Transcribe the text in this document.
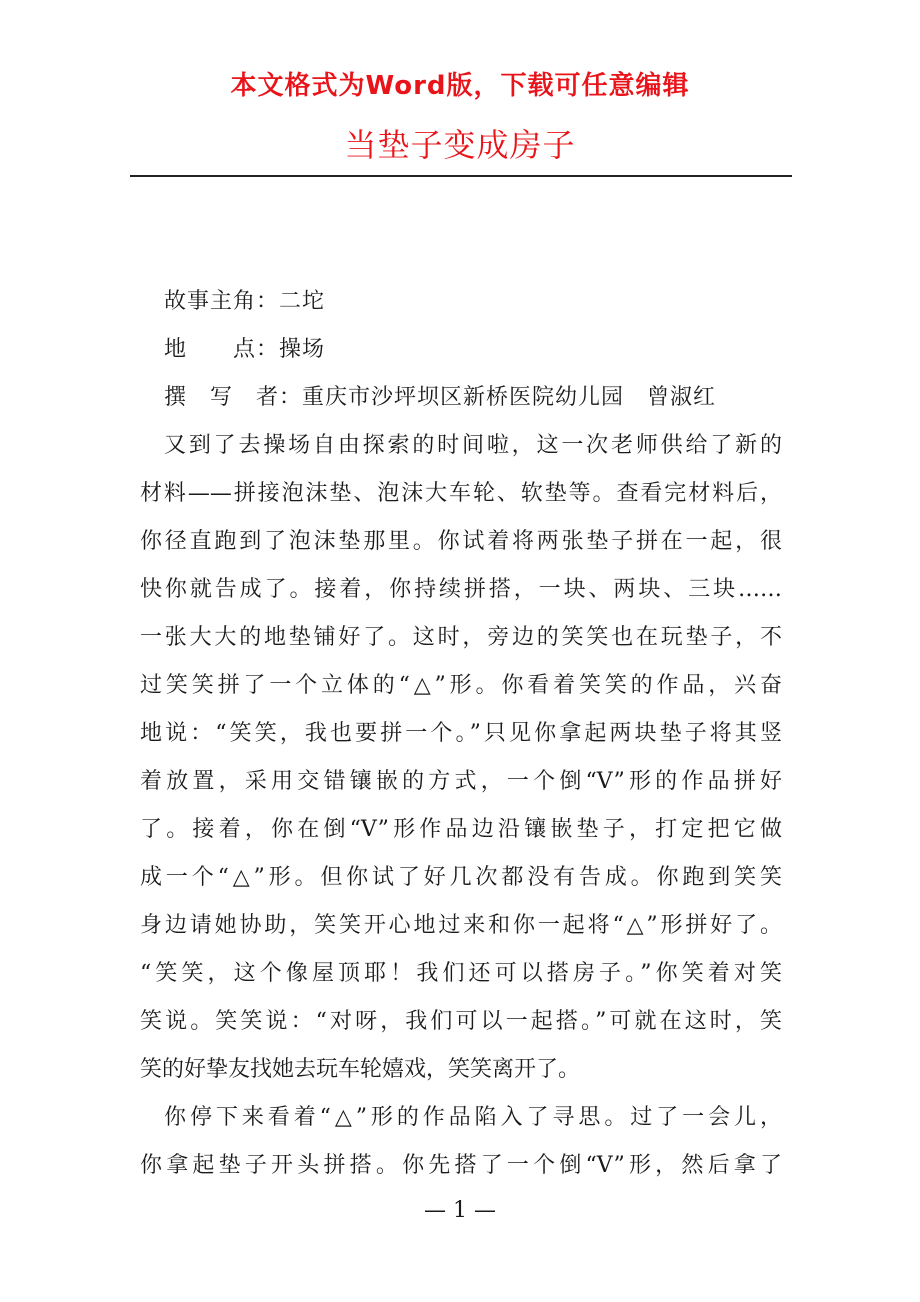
本文格式为Word版，下载可任意编辑
当垫子变成房子
故事主角：二坨
地　　点：操场
撰　写　者：重庆市沙坪坝区新桥医院幼儿园　曾淑红
又到了去操场自由探索的时间啦，这一次老师供给了新的
材料——拼接泡沫垫、泡沫大车轮、软垫等。查看完材料后，
你径直跑到了泡沫垫那里。你试着将两张垫子拼在一起，很
快你就告成了。接着，你持续拼搭，一块、两块、三块……
一张大大的地垫铺好了。这时，旁边的笑笑也在玩垫子，不
过笑笑拼了一个立体的“△”形。你看着笑笑的作品，兴奋
地说：“笑笑，我也要拼一个。”只见你拿起两块垫子将其竖
着放置，采用交错镶嵌的方式，一个倒“V”形的作品拼好
了。接着，你在倒“V”形作品边沿镶嵌垫子，打定把它做
成一个“△”形。但你试了好几次都没有告成。你跑到笑笑
身边请她协助，笑笑开心地过来和你一起将“△”形拼好了。
“笑笑，这个像屋顶耶！我们还可以搭房子。”你笑着对笑
笑说。笑笑说：“对呀，我们可以一起搭。”可就在这时，笑
笑的好挚友找她去玩车轮嬉戏，笑笑离开了。
你停下来看着“△”形的作品陷入了寻思。过了一会儿，
你拿起垫子开头拼搭。你先搭了一个倒“V”形，然后拿了
— 1 —
